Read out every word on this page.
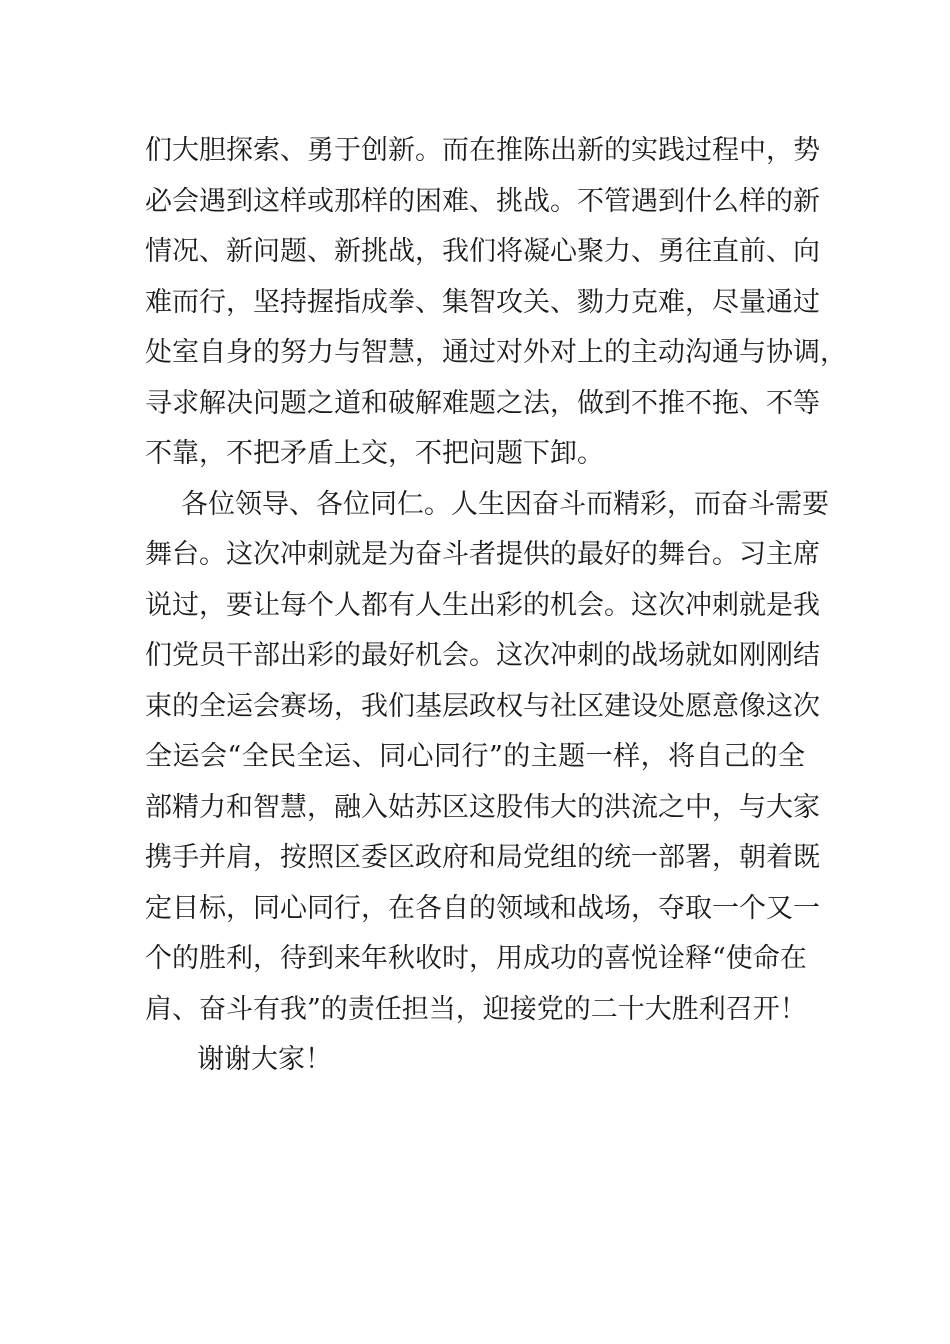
们大胆探索、勇于创新。而在推陈出新的实践过程中，势
必会遇到这样或那样的困难、挑战。不管遇到什么样的新
情况、新问题、新挑战，我们将凝心聚力、勇往直前、向
难而行，坚持握指成拳、集智攻关、勠力克难，尽量通过
处室自身的努力与智慧，通过对外对上的主动沟通与协调，
寻求解决问题之道和破解难题之法，做到不推不拖、不等
不靠，不把矛盾上交，不把问题下卸。
各位领导、各位同仁。人生因奋斗而精彩，而奋斗需要
舞台。这次冲刺就是为奋斗者提供的最好的舞台。习主席
说过，要让每个人都有人生出彩的机会。这次冲刺就是我
们党员干部出彩的最好机会。这次冲刺的战场就如刚刚结
束的全运会赛场，我们基层政权与社区建设处愿意像这次
全运会“全民全运、同心同行”的主题一样，将自己的全
部精力和智慧，融入姑苏区这股伟大的洪流之中，与大家
携手并肩，按照区委区政府和局党组的统一部署，朝着既
定目标，同心同行，在各自的领域和战场，夺取一个又一
个的胜利，待到来年秋收时，用成功的喜悦诠释“使命在
肩、奋斗有我”的责任担当，迎接党的二十大胜利召开！
谢谢大家！
